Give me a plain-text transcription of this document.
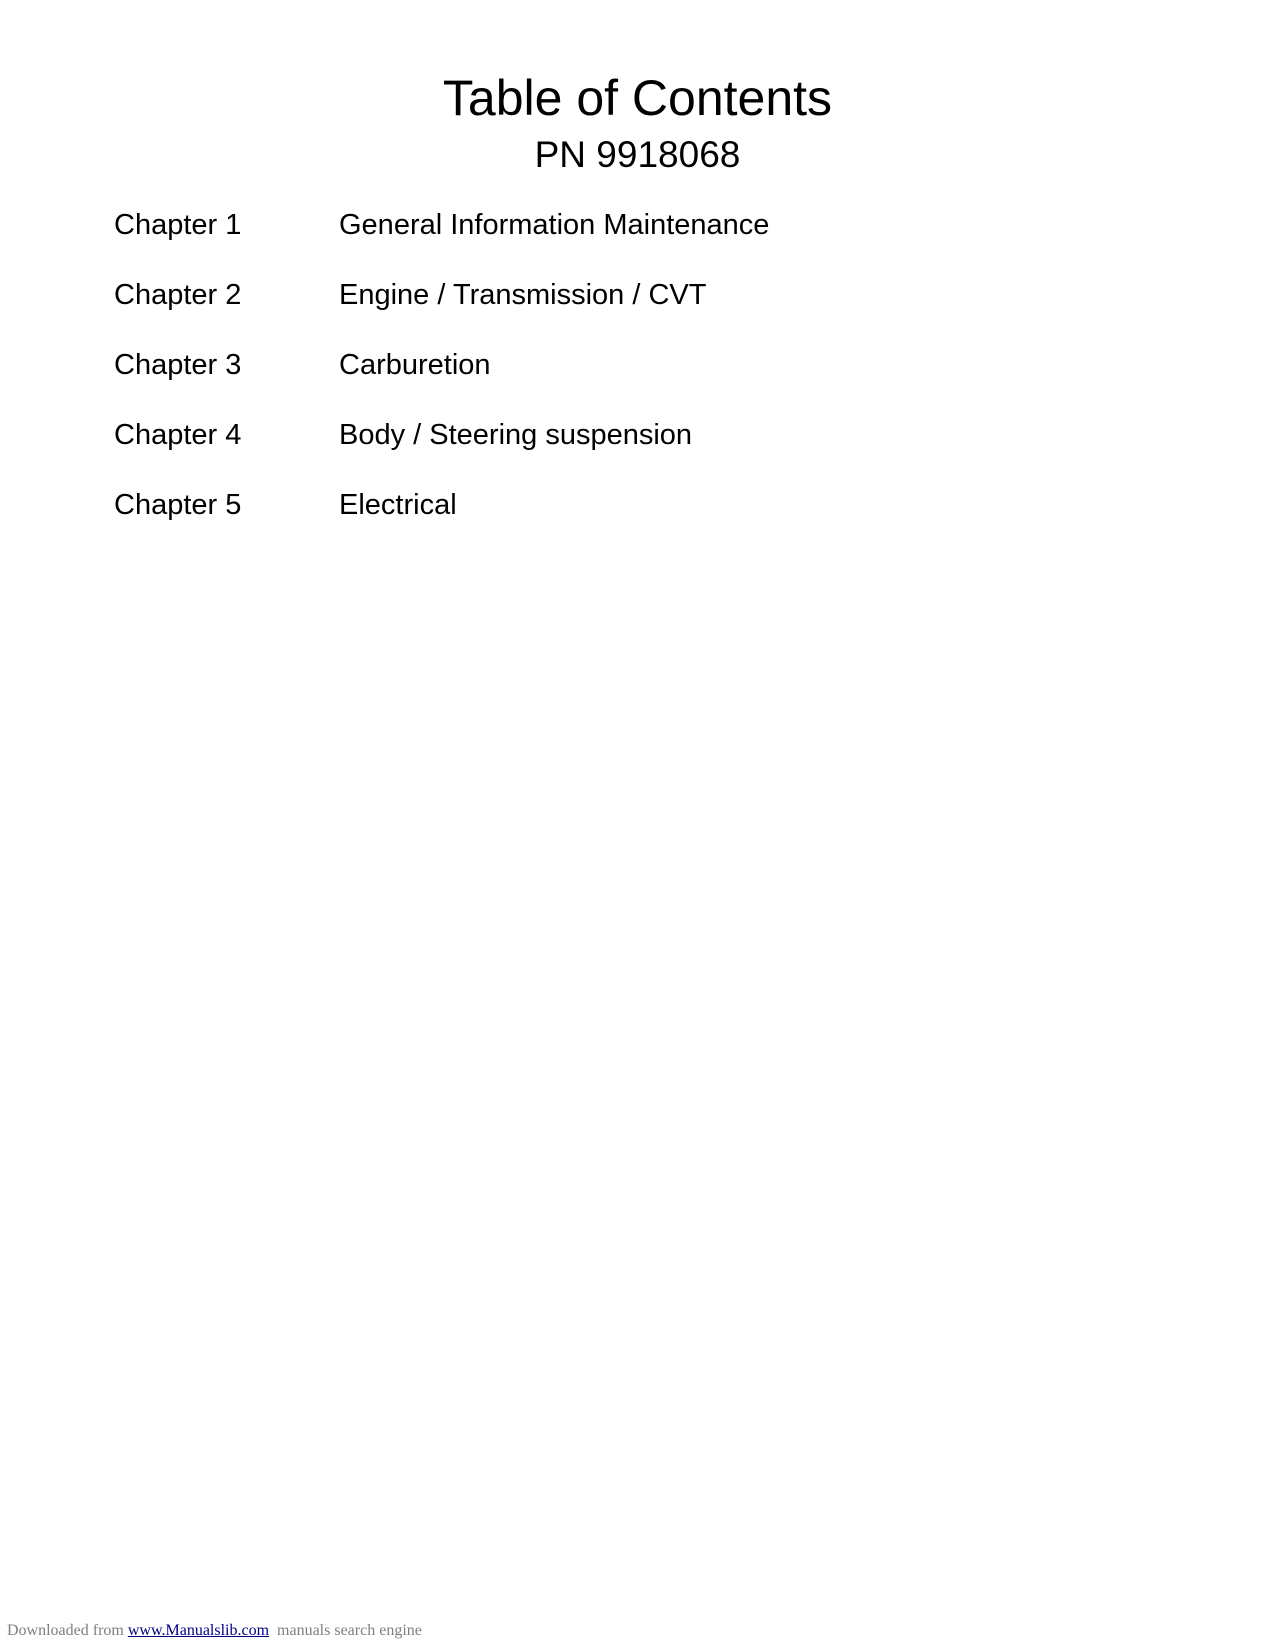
Table of Contents
PN 9918068
Chapter 1	General Information Maintenance
Chapter 2	Engine / Transmission / CVT
Chapter 3	Carburetion
Chapter 4	Body / Steering suspension
Chapter 5	Electrical
Downloaded from www.Manualslib.com  manuals search engine
